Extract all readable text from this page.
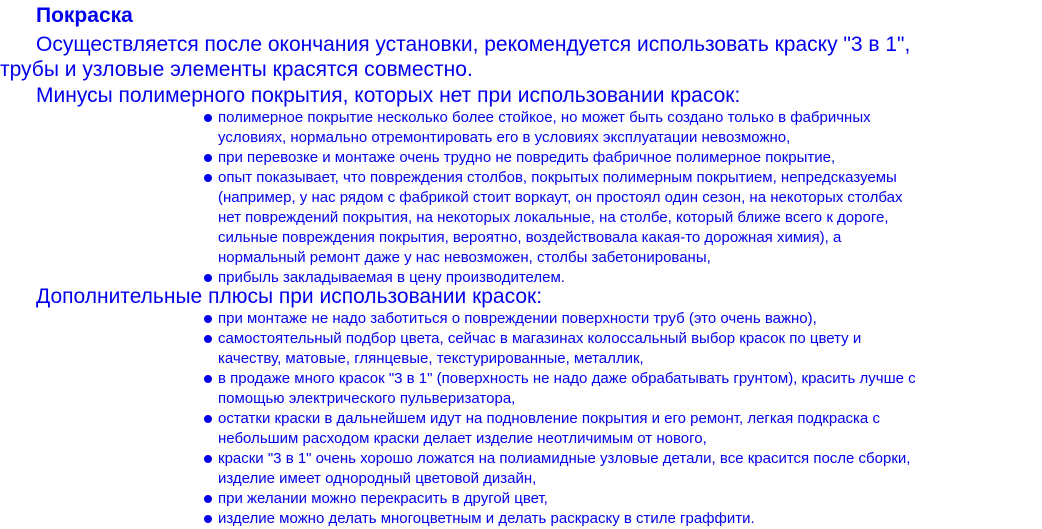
Покраска
Осуществляется после окончания установки, рекомендуется использовать краску "3 в 1",
трубы и узловые элементы красятся совместно.
Минусы полимерного покрытия, которых нет при использовании красок:
полимерное покрытие несколько более стойкое, но может быть создано только в фабричных
условиях, нормально отремонтировать его в условиях эксплуатации невозможно,
при перевозке и монтаже очень трудно не повредить фабричное полимерное покрытие,
опыт показывает, что повреждения столбов, покрытых полимерным покрытием, непредсказуемы
(например, у нас рядом с фабрикой стоит воркаут, он простоял один сезон, на некоторых столбах
нет повреждений покрытия, на некоторых локальные, на столбе, который ближе всего к дороге,
сильные повреждения покрытия, вероятно, воздействовала какая-то дорожная химия), а
нормальный ремонт даже у нас невозможен, столбы забетонированы,
прибыль закладываемая в цену производителем.
Дополнительные плюсы при использовании красок:
при монтаже не надо заботиться о повреждении поверхности труб (это очень важно),
самостоятельный подбор цвета, сейчас в магазинах колоссальный выбор красок по цвету и
качеству, матовые, глянцевые, текстурированные, металлик,
в продаже много красок "3 в 1" (поверхность не надо даже обрабатывать грунтом), красить лучше с
помощью электрического пульверизатора,
остатки краски в дальнейшем идут на подновление покрытия и его ремонт, легкая подкраска с
небольшим расходом краски делает изделие неотличимым от нового,
краски "3 в 1" очень хорошо ложатся на полиамидные узловые детали, все красится после сборки,
изделие имеет однородный цветовой дизайн,
при желании можно перекрасить в другой цвет,
изделие можно делать многоцветным и делать раскраску в стиле граффити.
